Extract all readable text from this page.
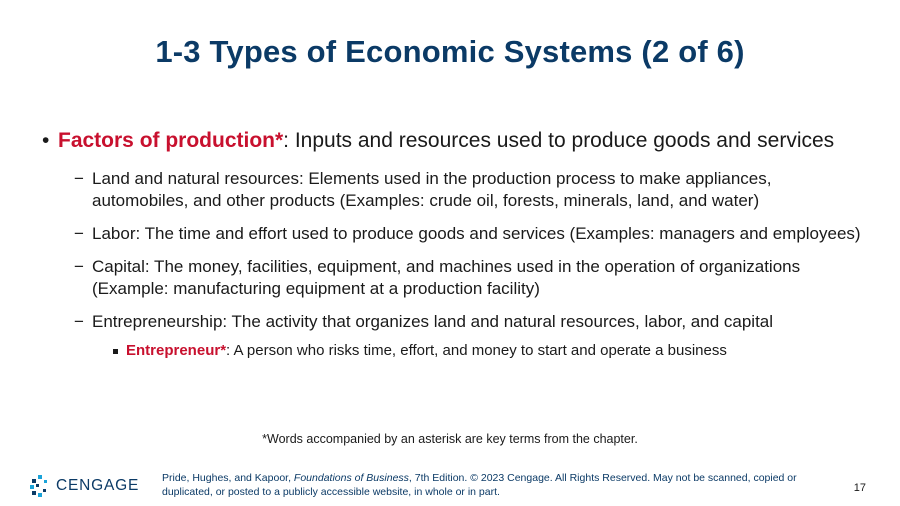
1-3 Types of Economic Systems (2 of 6)
• Factors of production*: Inputs and resources used to produce goods and services
− Land and natural resources: Elements used in the production process to make appliances, automobiles, and other products (Examples: crude oil, forests, minerals, land, and water)
− Labor: The time and effort used to produce goods and services (Examples: managers and employees)
− Capital: The money, facilities, equipment, and machines used in the operation of organizations (Example: manufacturing equipment at a production facility)
− Entrepreneurship: The activity that organizes land and natural resources, labor, and capital
Entrepreneur*: A person who risks time, effort, and money to start and operate a business
*Words accompanied by an asterisk are key terms from the chapter.
CENGAGE Pride, Hughes, and Kapoor, Foundations of Business, 7th Edition. © 2023 Cengage. All Rights Reserved. May not be scanned, copied or duplicated, or posted to a publicly accessible website, in whole or in part.	17
